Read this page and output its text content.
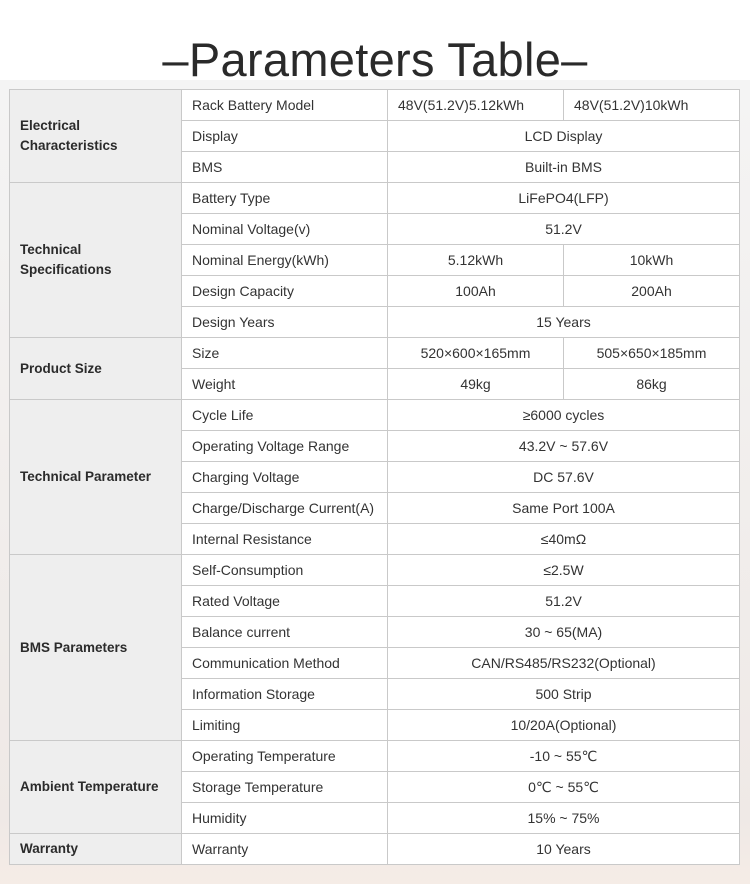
–Parameters Table–
Electrical
Characteristics	Rack Battery Model	48V(51.2V)5.12kWh	48V(51.2V)10kWh
	Display	LCD Display	
	BMS	Built-in BMS	
Technical
Specifications	Battery Type	LiFePO4(LFP)	
	Nominal Voltage(v)	51.2V	
	Nominal Energy(kWh)	5.12kWh	10kWh
	Design Capacity	100Ah	200Ah
	Design Years	15 Years	
Product Size	Size	520×600×165mm	505×650×185mm
	Weight	49kg	86kg
Technical Parameter	Cycle Life	≥6000 cycles	
	Operating Voltage Range	43.2V ~ 57.6V	
	Charging Voltage	DC 57.6V	
	Charge/Discharge Current(A)	Same Port 100A	
	Internal Resistance	≤40mΩ	
BMS Parameters	Self-Consumption	≤2.5W	
	Rated Voltage	51.2V	
	Balance current	30 ~ 65(MA)	
	Communication Method	CAN/RS485/RS232(Optional)	
	Information Storage	500 Strip	
	Limiting	10/20A(Optional)	
Ambient Temperature	Operating Temperature	-10 ~ 55℃	
	Storage Temperature	0℃ ~ 55℃	
	Humidity	15% ~ 75%	
Warranty	Warranty	10 Years	
